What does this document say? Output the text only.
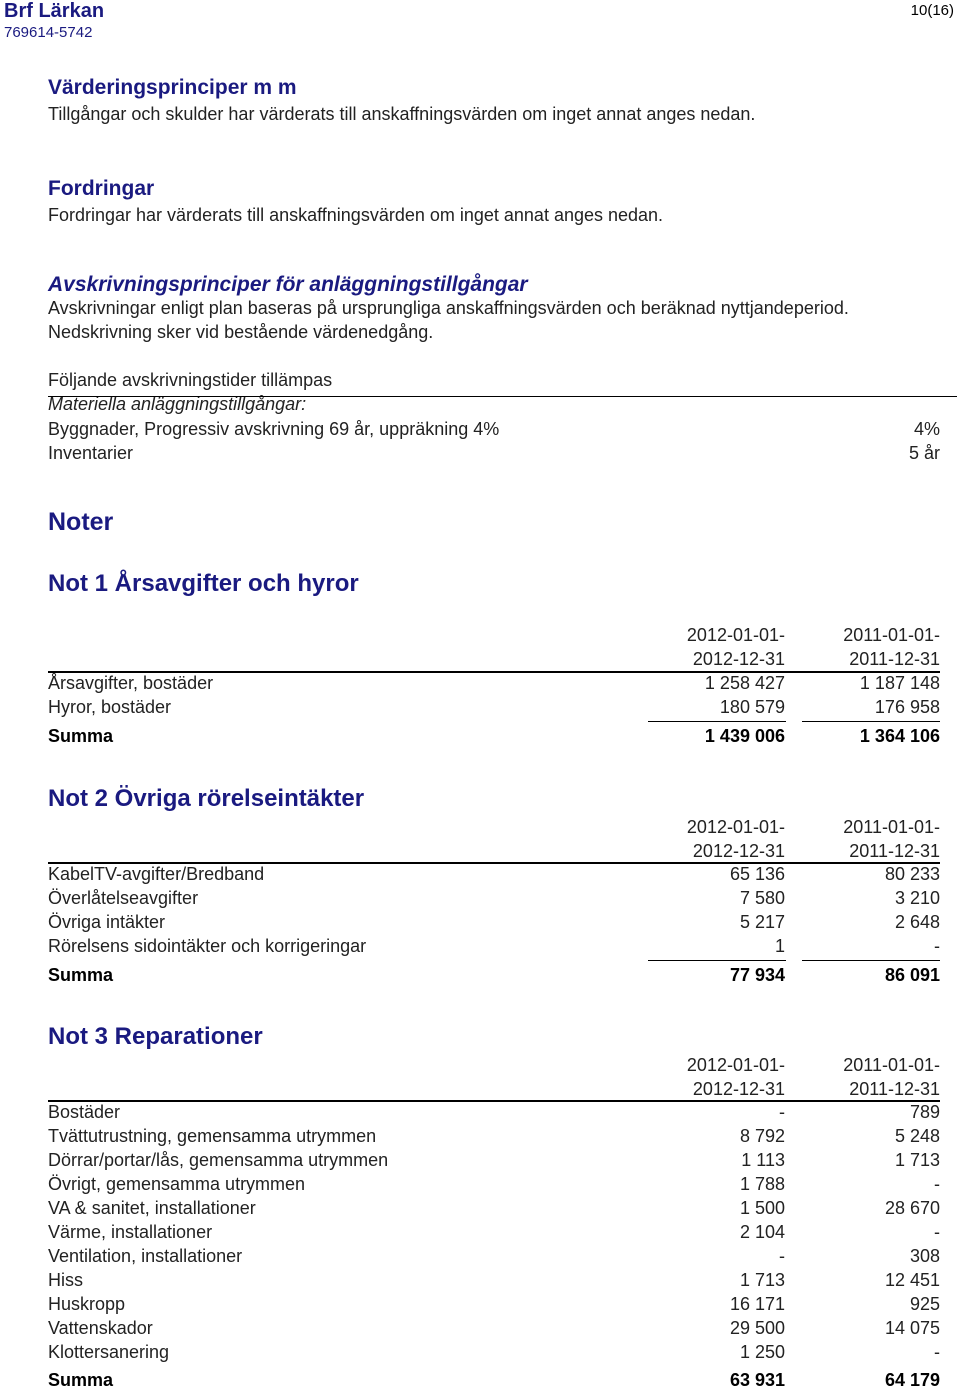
Brf Lärkan
769614-5742
10(16)
Värderingsprinciper m m
Tillgångar och skulder har värderats till anskaffningsvärden om inget annat anges nedan.
Fordringar
Fordringar har värderats till anskaffningsvärden om inget annat anges nedan.
Avskrivningsprinciper för anläggningstillgångar
Avskrivningar enligt plan baseras på ursprungliga anskaffningsvärden och beräknad nyttjandeperiod.
Nedskrivning sker vid bestående värdenedgång.
Följande avskrivningstider tillämpas
Materiella anläggningstillgångar:
Byggnader, Progressiv avskrivning 69 år, uppräkning 4%	4%
Inventarier	5 år
Noter
Not 1 Årsavgifter och hyror
2012-01-01-
2012-12-31
2011-01-01-
2011-12-31
Årsavgifter, bostäder	1 258 427	1 187 148
Hyror, bostäder	180 579	176 958
Summa	1 439 006	1 364 106
Not 2 Övriga rörelseintäkter
2012-01-01-
2012-12-31
2011-01-01-
2011-12-31
KabelTV-avgifter/Bredband	65 136	80 233
Överlåtelseavgifter	7 580	3 210
Övriga intäkter	5 217	2 648
Rörelsens sidointäkter och korrigeringar	1	-
Summa	77 934	86 091
Not 3 Reparationer
2012-01-01-
2012-12-31
2011-01-01-
2011-12-31
Bostäder	-	789
Tvättutrustning, gemensamma utrymmen	8 792	5 248
Dörrar/portar/lås, gemensamma utrymmen	1 113	1 713
Övrigt, gemensamma utrymmen	1 788	-
VA & sanitet, installationer	1 500	28 670
Värme, installationer	2 104	-
Ventilation, installationer	-	308
Hiss	1 713	12 451
Huskropp	16 171	925
Vattenskador	29 500	14 075
Klottersanering	1 250	-
Summa	63 931	64 179
